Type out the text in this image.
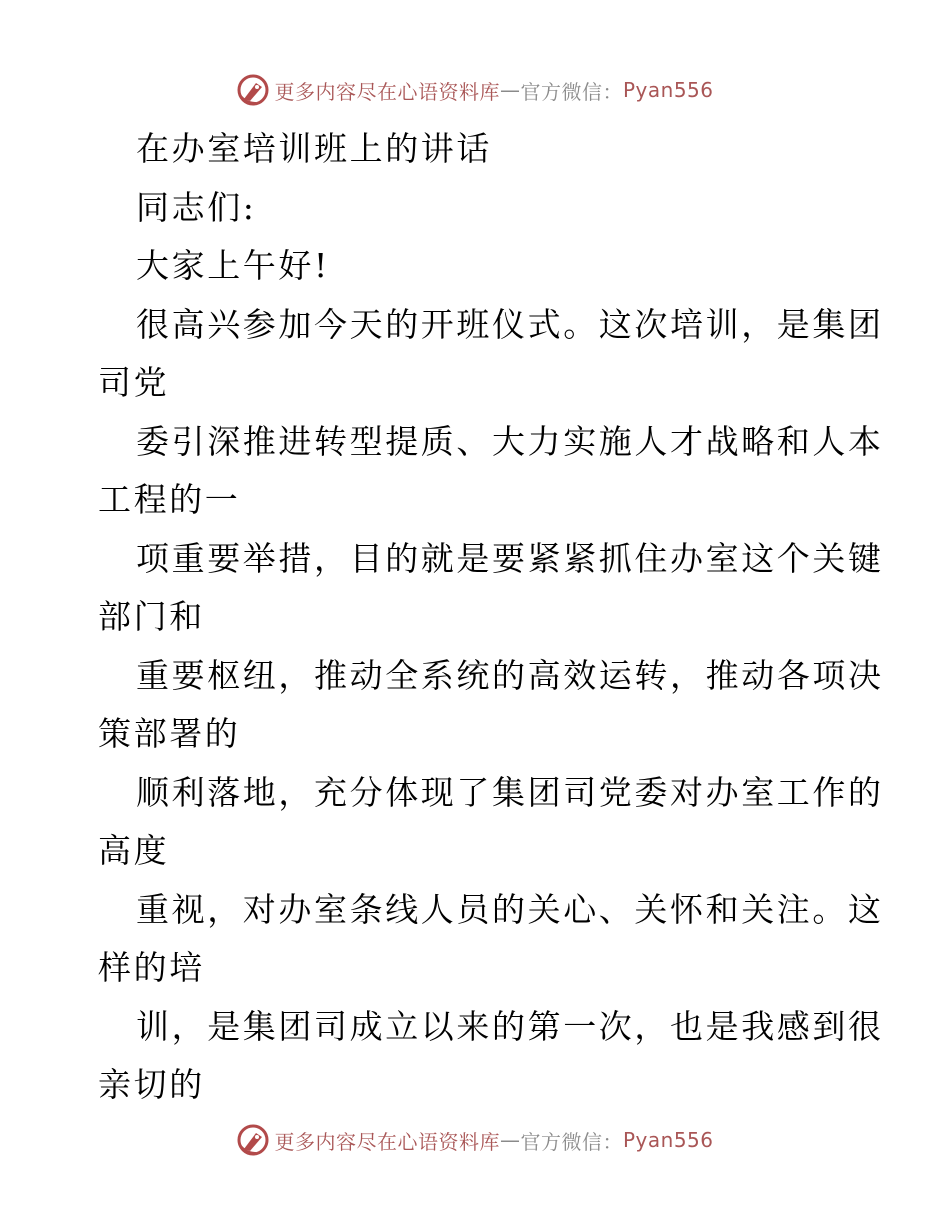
更多内容尽在心语资料库 — 官方微信： Pyan556
在办室培训班上的讲话
同志们:
大家上午好!
很高兴参加今天的开班仪式。这次培训，是集团
司党
委引深推进转型提质、大力实施人才战略和人本
工程的一
项重要举措，目的就是要紧紧抓住办室这个关键
部门和
重要枢纽，推动全系统的高效运转，推动各项决
策部署的
顺利落地，充分体现了集团司党委对办室工作的
高度
重视，对办室条线人员的关心、关怀和关注。这
样的培
训，是集团司成立以来的第一次，也是我感到很
亲切的
更多内容尽在心语资料库 — 官方微信： Pyan556
